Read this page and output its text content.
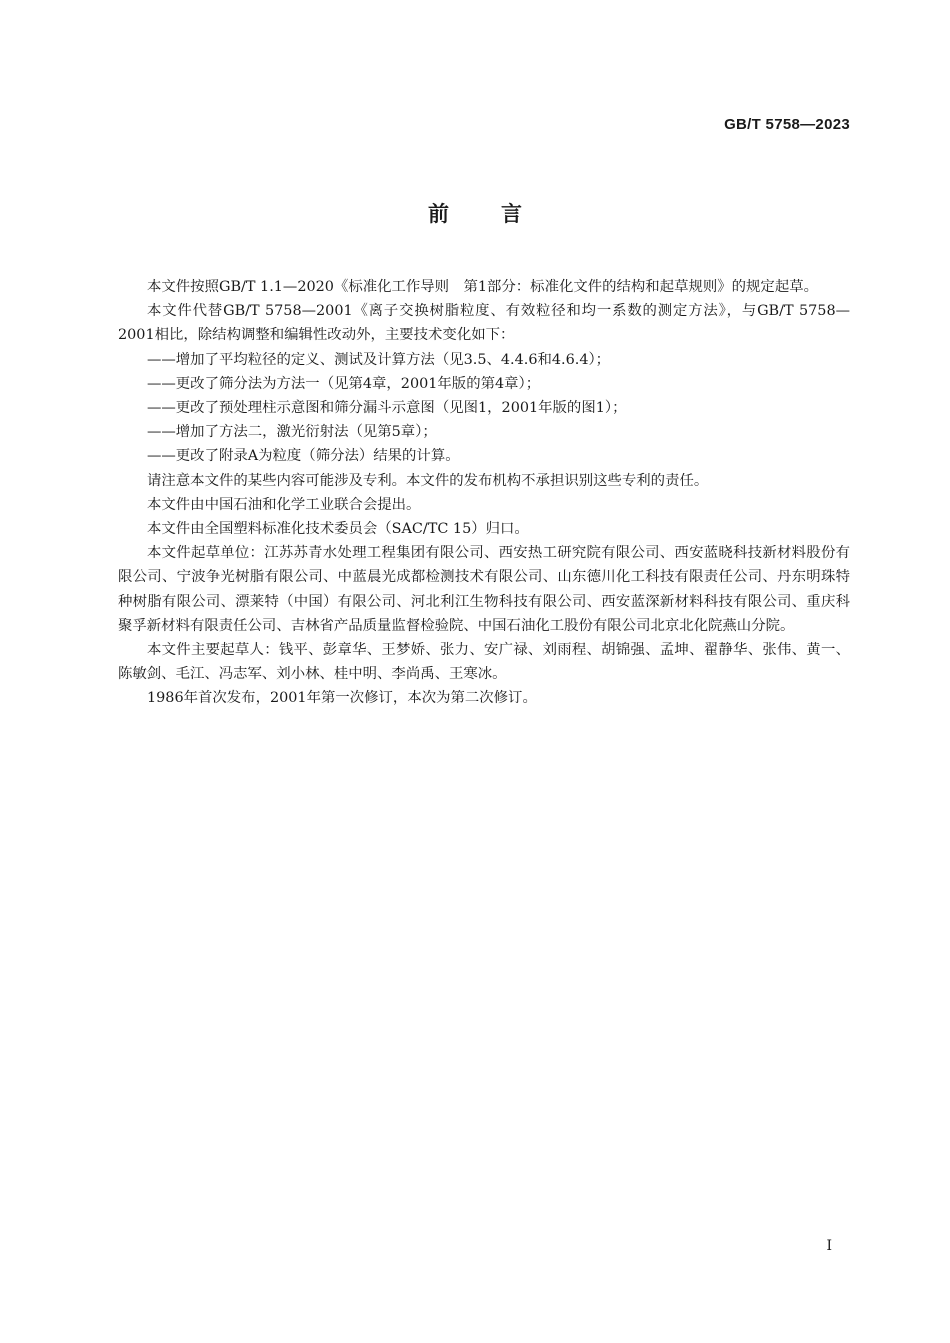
GB/T 5758—2023
前言

本文件按照GB/T 1.1—2020《标准化工作导则　第1部分：标准化文件的结构和起草规则》的规定起草。

本文件代替GB/T 5758—2001《离子交换树脂粒度、有效粒径和均一系数的测定方法》，与GB/T 5758—2001相比，除结构调整和编辑性改动外，主要技术变化如下：

——增加了平均粒径的定义、测试及计算方法（见3.5、4.4.6和4.6.4）；

——更改了筛分法为方法一（见第4章，2001年版的第4章）；

——更改了预处理柱示意图和筛分漏斗示意图（见图1，2001年版的图1）；

——增加了方法二，激光衍射法（见第5章）；

——更改了附录A为粒度（筛分法）结果的计算。

请注意本文件的某些内容可能涉及专利。本文件的发布机构不承担识别这些专利的责任。

本文件由中国石油和化学工业联合会提出。

本文件由全国塑料标准化技术委员会（SAC/TC 15）归口。

本文件起草单位：江苏苏青水处理工程集团有限公司、西安热工研究院有限公司、西安蓝晓科技新材料股份有限公司、宁波争光树脂有限公司、中蓝晨光成都检测技术有限公司、山东德川化工科技有限责任公司、丹东明珠特种树脂有限公司、漂莱特（中国）有限公司、河北利江生物科技有限公司、西安蓝深新材料科技有限公司、重庆科聚孚新材料有限责任公司、吉林省产品质量监督检验院、中国石油化工股份有限公司北京北化院燕山分院。

本文件主要起草人：钱平、彭章华、王梦娇、张力、安广禄、刘雨程、胡锦强、孟坤、翟静华、张伟、黄一、陈敏剑、毛江、冯志军、刘小林、桂中明、李尚禹、王寒冰。

1986年首次发布，2001年第一次修订，本次为第二次修订。

I
